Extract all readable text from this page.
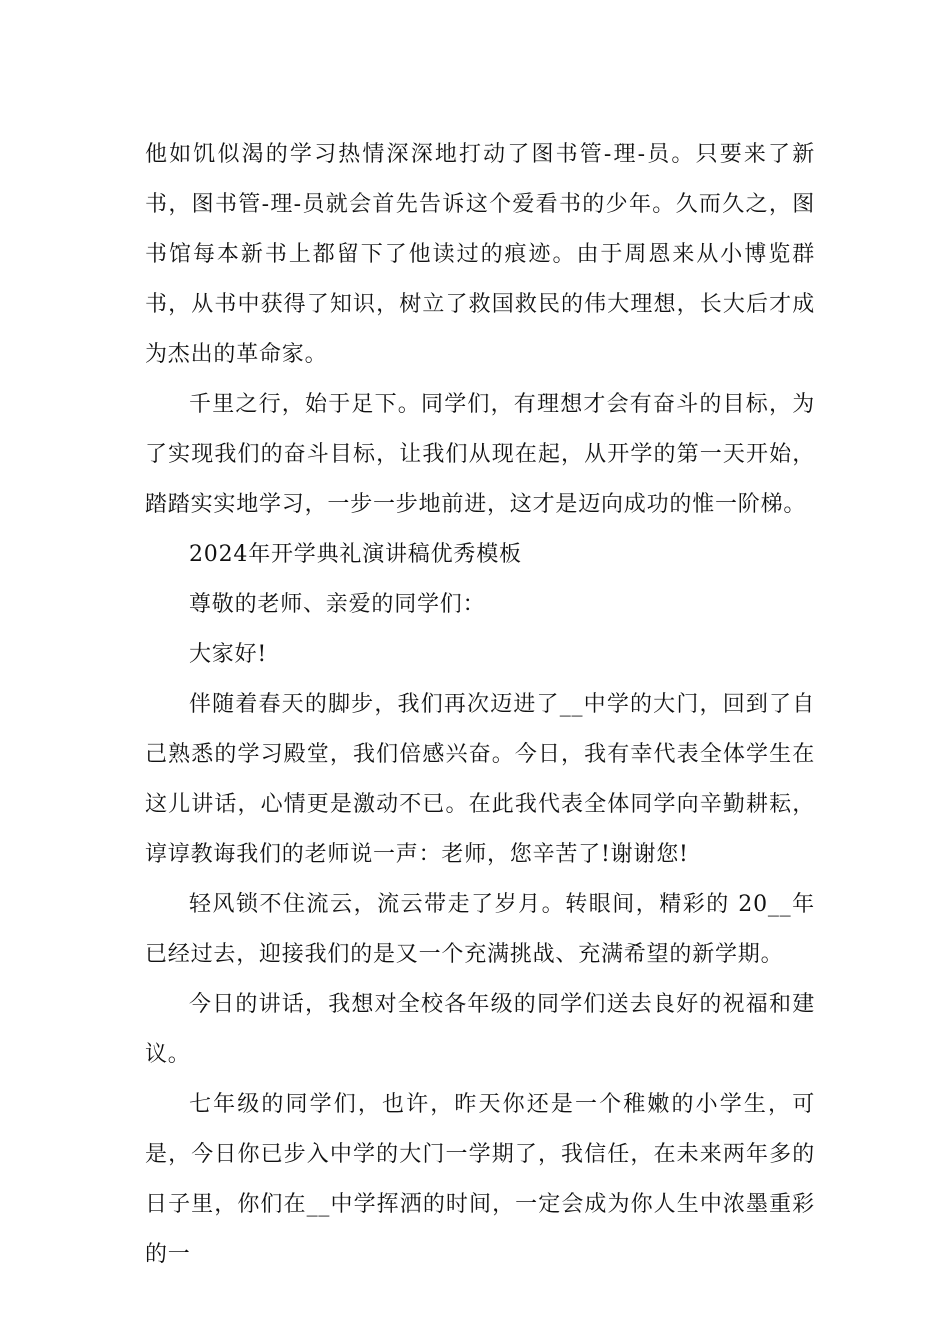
他如饥似渴的学习热情深深地打动了图书管-理-员。只要来了新书，图书管-理-员就会首先告诉这个爱看书的少年。久而久之，图书馆每本新书上都留下了他读过的痕迹。由于周恩来从小博览群书，从书中获得了知识，树立了救国救民的伟大理想，长大后才成为杰出的革命家。

千里之行，始于足下。同学们，有理想才会有奋斗的目标，为了实现我们的奋斗目标，让我们从现在起，从开学的第一天开始，踏踏实实地学习，一步一步地前进，这才是迈向成功的惟一阶梯。

2024年开学典礼演讲稿优秀模板

尊敬的老师、亲爱的同学们：

大家好!

伴随着春天的脚步，我们再次迈进了__中学的大门，回到了自己熟悉的学习殿堂，我们倍感兴奋。今日，我有幸代表全体学生在这儿讲话，心情更是激动不已。在此我代表全体同学向辛勤耕耘，谆谆教诲我们的老师说一声：老师，您辛苦了!谢谢您!

轻风锁不住流云，流云带走了岁月。转眼间，精彩的 20__年已经过去，迎接我们的是又一个充满挑战、充满希望的新学期。

今日的讲话，我想对全校各年级的同学们送去良好的祝福和建议。

七年级的同学们，也许，昨天你还是一个稚嫩的小学生，可是，今日你已步入中学的大门一学期了，我信任，在未来两年多的日子里，你们在__中学挥洒的时间，一定会成为你人生中浓墨重彩的一
